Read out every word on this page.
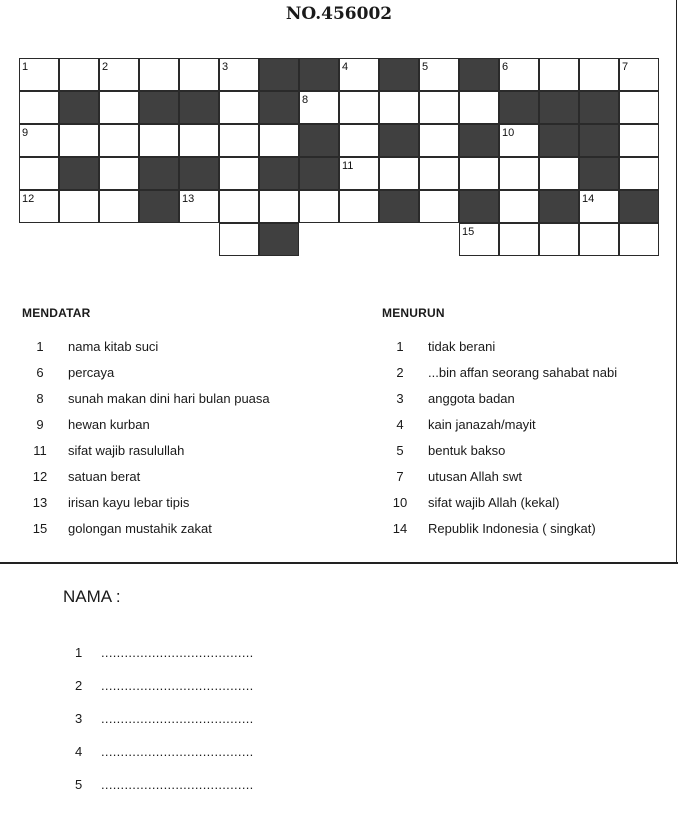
NO.456002
1	2	3	4	5	6	7
8
9	10
11
12	13	14
15
MENDATAR
1	nama kitab suci
6	percaya
8	sunah makan dini hari bulan puasa
9	hewan kurban
11	sifat wajib rasulullah
12	satuan berat
13	irisan kayu lebar tipis
15	golongan mustahik zakat
MENURUN
1	tidak berani
2	...bin affan seorang sahabat nabi
3	anggota badan
4	kain janazah/mayit
5	bentuk bakso
7	utusan Allah swt
10	sifat wajib Allah (kekal)
14	Republik Indonesia ( singkat)
NAMA :
1 .......................................
2 .......................................
3 .......................................
4 .......................................
5 .......................................
